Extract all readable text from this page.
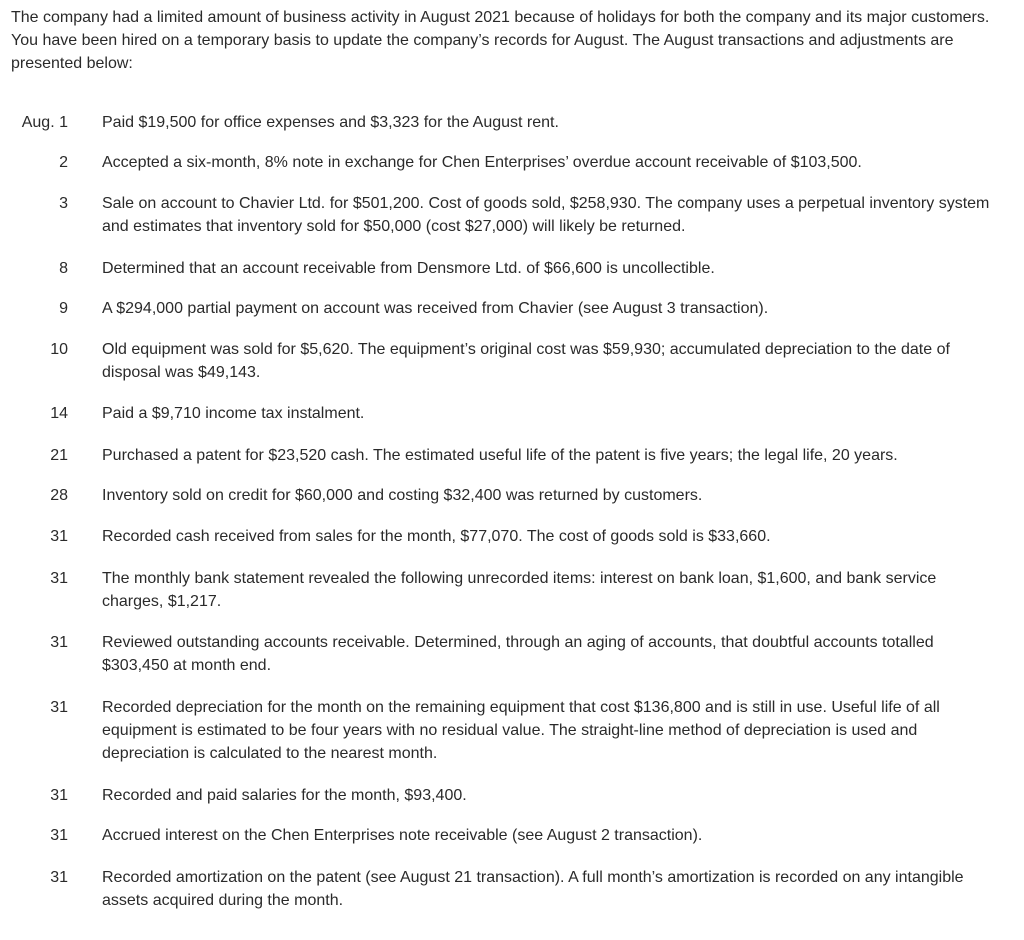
The company had a limited amount of business activity in August 2021 because of holidays for both the company and its major customers. You have been hired on a temporary basis to update the company’s records for August. The August transactions and adjustments are presented below:

Aug. 1 Paid $19,500 for office expenses and $3,323 for the August rent.
2 Accepted a six-month, 8% note in exchange for Chen Enterprises’ overdue account receivable of $103,500.
3 Sale on account to Chavier Ltd. for $501,200. Cost of goods sold, $258,930. The company uses a perpetual inventory system and estimates that inventory sold for $50,000 (cost $27,000) will likely be returned.
8 Determined that an account receivable from Densmore Ltd. of $66,600 is uncollectible.
9 A $294,000 partial payment on account was received from Chavier (see August 3 transaction).
10 Old equipment was sold for $5,620. The equipment’s original cost was $59,930; accumulated depreciation to the date of disposal was $49,143.
14 Paid a $9,710 income tax instalment.
21 Purchased a patent for $23,520 cash. The estimated useful life of the patent is five years; the legal life, 20 years.
28 Inventory sold on credit for $60,000 and costing $32,400 was returned by customers.
31 Recorded cash received from sales for the month, $77,070. The cost of goods sold is $33,660.
31 The monthly bank statement revealed the following unrecorded items: interest on bank loan, $1,600, and bank service charges, $1,217.
31 Reviewed outstanding accounts receivable. Determined, through an aging of accounts, that doubtful accounts totalled $303,450 at month end.
31 Recorded depreciation for the month on the remaining equipment that cost $136,800 and is still in use. Useful life of all equipment is estimated to be four years with no residual value. The straight-line method of depreciation is used and depreciation is calculated to the nearest month.
31 Recorded and paid salaries for the month, $93,400.
31 Accrued interest on the Chen Enterprises note receivable (see August 2 transaction).
31 Recorded amortization on the patent (see August 21 transaction). A full month’s amortization is recorded on any intangible assets acquired during the month.
